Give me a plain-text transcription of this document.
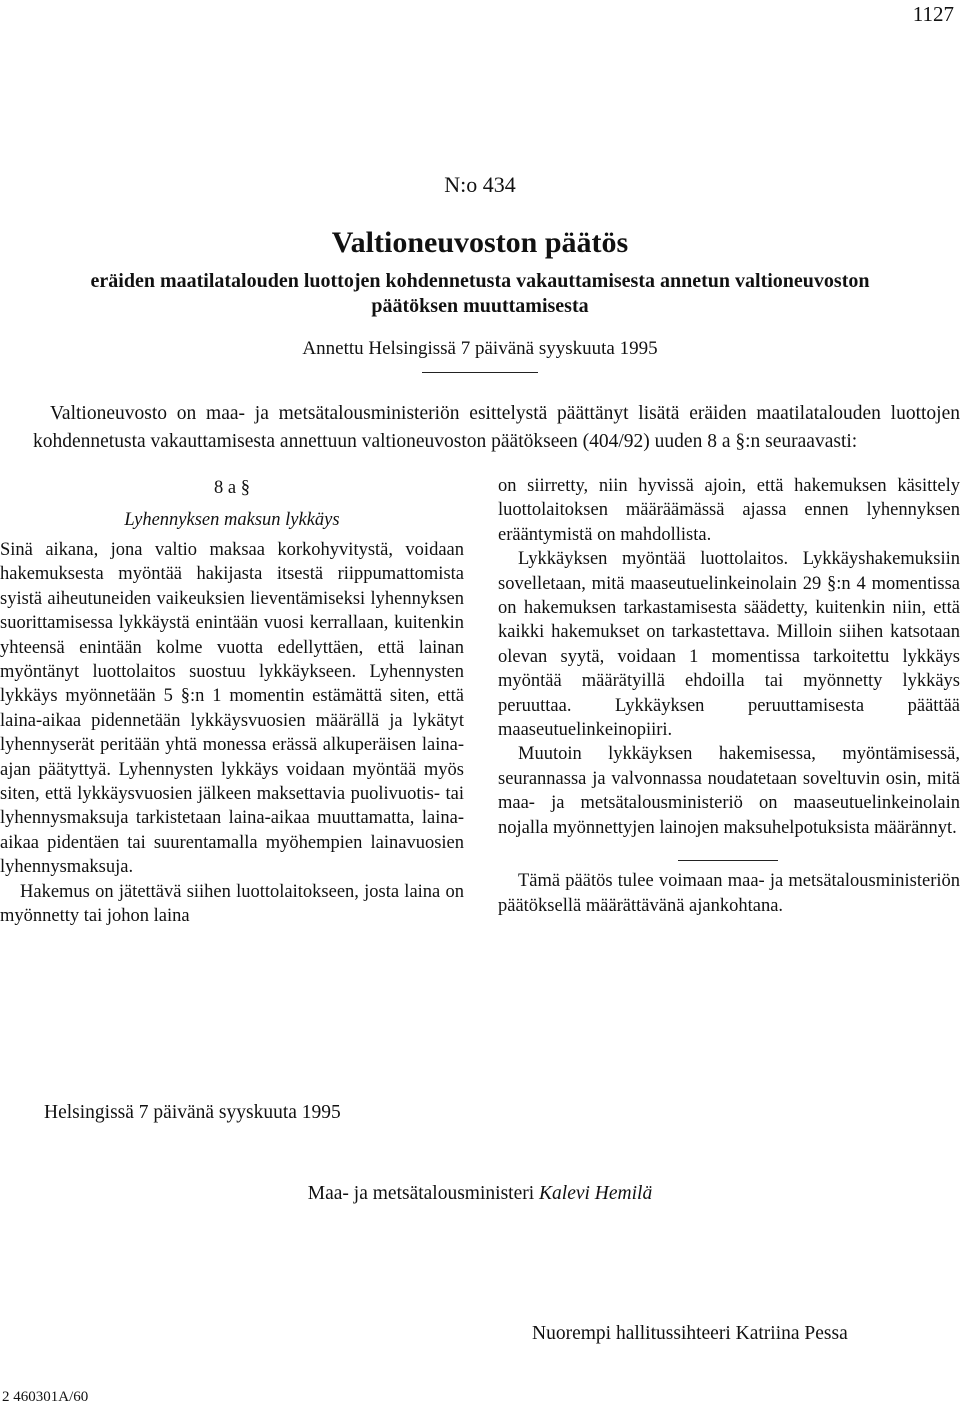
1127
N:o 434
Valtioneuvoston päätös
eräiden maatilatalouden luottojen kohdennetusta vakauttamisesta annetun valtioneuvoston päätöksen muuttamisesta
Annettu Helsingissä 7 päivänä syyskuuta 1995
Valtioneuvosto on maa- ja metsätalousministeriön esittelystä päättänyt lisätä eräiden maatilatalouden luottojen kohdennetusta vakauttamisesta annettuun valtioneuvoston päätökseen (404/92) uuden 8 a §:n seuraavasti:

8 a §

Lyhennyksen maksun lykkäys

Sinä aikana, jona valtio maksaa korkohyvitystä, voidaan hakemuksesta myöntää hakijasta itsestä riippumattomista syistä aiheutuneiden vaikeuksien lieventämiseksi lyhennyksen suorittamisessa lykkäystä enintään vuosi kerrallaan, kuitenkin yhteensä enintään kolme vuotta edellyttäen, että lainan myöntänyt luottolaitos suostuu lykkäykseen. Lyhennysten lykkäys myönnetään 5 §:n 1 momentin estämättä siten, että laina-aikaa pidennetään lykkäysvuosien määrällä ja lykätyt lyhennyserät peritään yhtä monessa erässä alkuperäisen laina-ajan päätyttyä. Lyhennysten lykkäys voidaan myöntää myös siten, että lykkäysvuosien jälkeen maksettavia puolivuotis- tai lyhennysmaksuja tarkistetaan laina-aikaa muuttamatta, laina-aikaa pidentäen tai suurentamalla myöhempien lainavuosien lyhennysmaksuja.

Hakemus on jätettävä siihen luottolaitokseen, josta laina on myönnetty tai johon laina

on siirretty, niin hyvissä ajoin, että hakemuksen käsittely luottolaitoksen määräämässä ajassa ennen lyhennyksen erääntymistä on mahdollista.

Lykkäyksen myöntää luottolaitos. Lykkäyshakemuksiin sovelletaan, mitä maaseutuelinkeinolain 29 §:n 4 momentissa on hakemuksen tarkastamisesta säädetty, kuitenkin niin, että kaikki hakemukset on tarkastettava. Milloin siihen katsotaan olevan syytä, voidaan 1 momentissa tarkoitettu lykkäys myöntää määrätyillä ehdoilla tai myönnetty lykkäys peruuttaa. Lykkäyksen peruuttamisesta päättää maaseutuelinkeinopiiri.

Muutoin lykkäyksen hakemisessa, myöntämisessä, seurannassa ja valvonnassa noudatetaan soveltuvin osin, mitä maa- ja metsätalousministeriö on maaseutuelinkeinolain nojalla myönnettyjen lainojen maksuhelpotuksista määrännyt.

Tämä päätös tulee voimaan maa- ja metsätalousministeriön päätöksellä määrättävänä ajankohtana.

Helsingissä 7 päivänä syyskuuta 1995
Maa- ja metsätalousministeri Kalevi Hemilä
Nuorempi hallitussihteeri Katriina Pessa
2 460301A/60
